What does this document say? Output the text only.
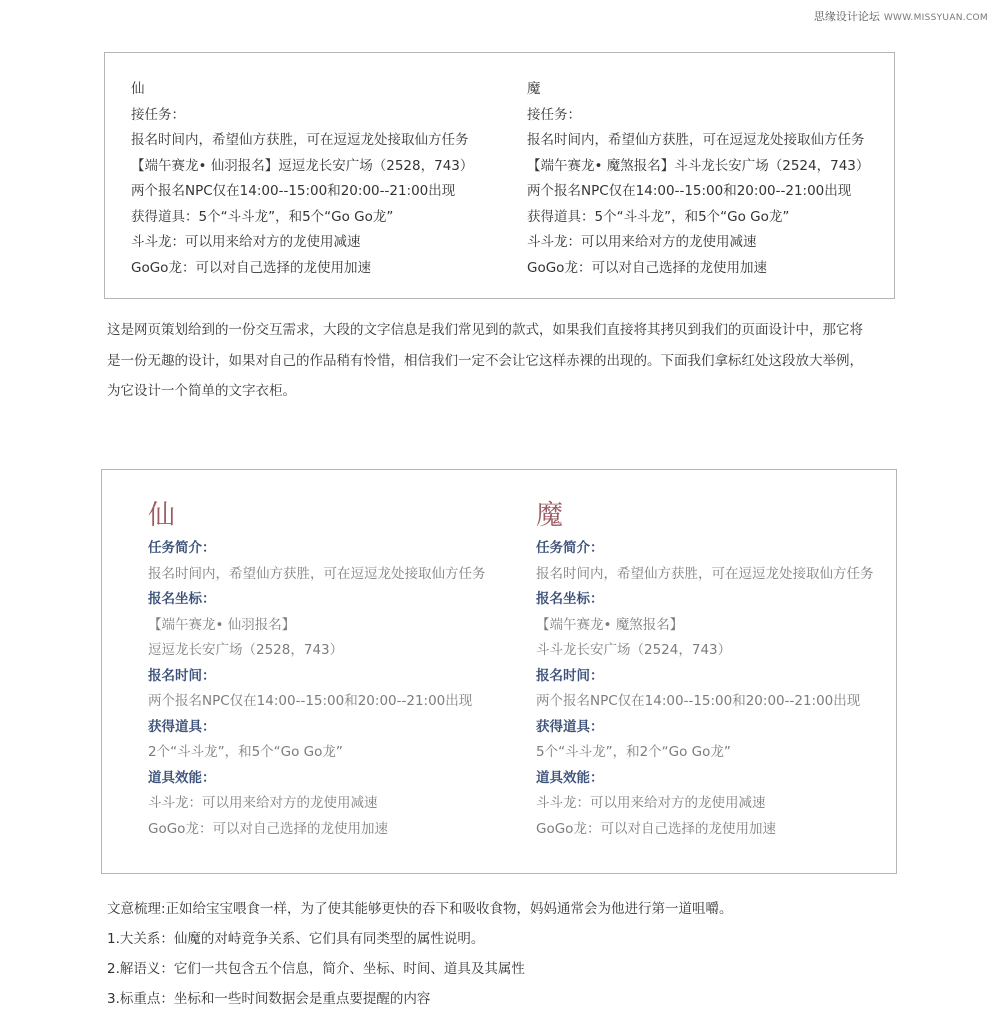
思缘设计论坛 WWW.MISSYUAN.COM
仙
接任务：
报名时间内，希望仙方获胜，可在逗逗龙处接取仙方任务
【端午赛龙• 仙羽报名】逗逗龙长安广场（2528，743）
两个报名NPC仅在14:00--15:00和20:00--21:00出现
获得道具：5个“斗斗龙”，和5个“Go Go龙”
斗斗龙：可以用来给对方的龙使用减速
GoGo龙：可以对自己选择的龙使用加速
魔
接任务：
报名时间内，希望仙方获胜，可在逗逗龙处接取仙方任务
【端午赛龙• 魔煞报名】斗斗龙长安广场（2524，743）
两个报名NPC仅在14:00--15:00和20:00--21:00出现
获得道具：5个“斗斗龙”，和5个“Go Go龙”
斗斗龙：可以用来给对方的龙使用减速
GoGo龙：可以对自己选择的龙使用加速
这是网页策划给到的一份交互需求，大段的文字信息是我们常见到的款式，如果我们直接将其拷贝到我们的页面设计中，那它将
是一份无趣的设计，如果对自己的作品稍有怜惜，相信我们一定不会让它这样赤裸的出现的。下面我们拿标红处这段放大举例，
为它设计一个简单的文字衣柜。
仙
任务简介：
报名时间内，希望仙方获胜，可在逗逗龙处接取仙方任务
报名坐标：
【端午赛龙• 仙羽报名】
逗逗龙长安广场（2528，743）
报名时间：
两个报名NPC仅在14:00--15:00和20:00--21:00出现
获得道具：
2个“斗斗龙”，和5个“Go Go龙”
道具效能：
斗斗龙：可以用来给对方的龙使用减速
GoGo龙：可以对自己选择的龙使用加速
魔
任务简介：
报名时间内，希望仙方获胜，可在逗逗龙处接取仙方任务
报名坐标：
【端午赛龙• 魔煞报名】
斗斗龙长安广场（2524，743）
报名时间：
两个报名NPC仅在14:00--15:00和20:00--21:00出现
获得道具：
5个“斗斗龙”，和2个“Go Go龙”
道具效能：
斗斗龙：可以用来给对方的龙使用减速
GoGo龙：可以对自己选择的龙使用加速
文意梳理:正如给宝宝喂食一样，为了使其能够更快的吞下和吸收食物，妈妈通常会为他进行第一道咀嚼。
1.大关系：仙魔的对峙竟争关系、它们具有同类型的属性说明。
2.解语义：它们一共包含五个信息，简介、坐标、时间、道具及其属性
3.标重点：坐标和一些时间数据会是重点要提醒的内容
